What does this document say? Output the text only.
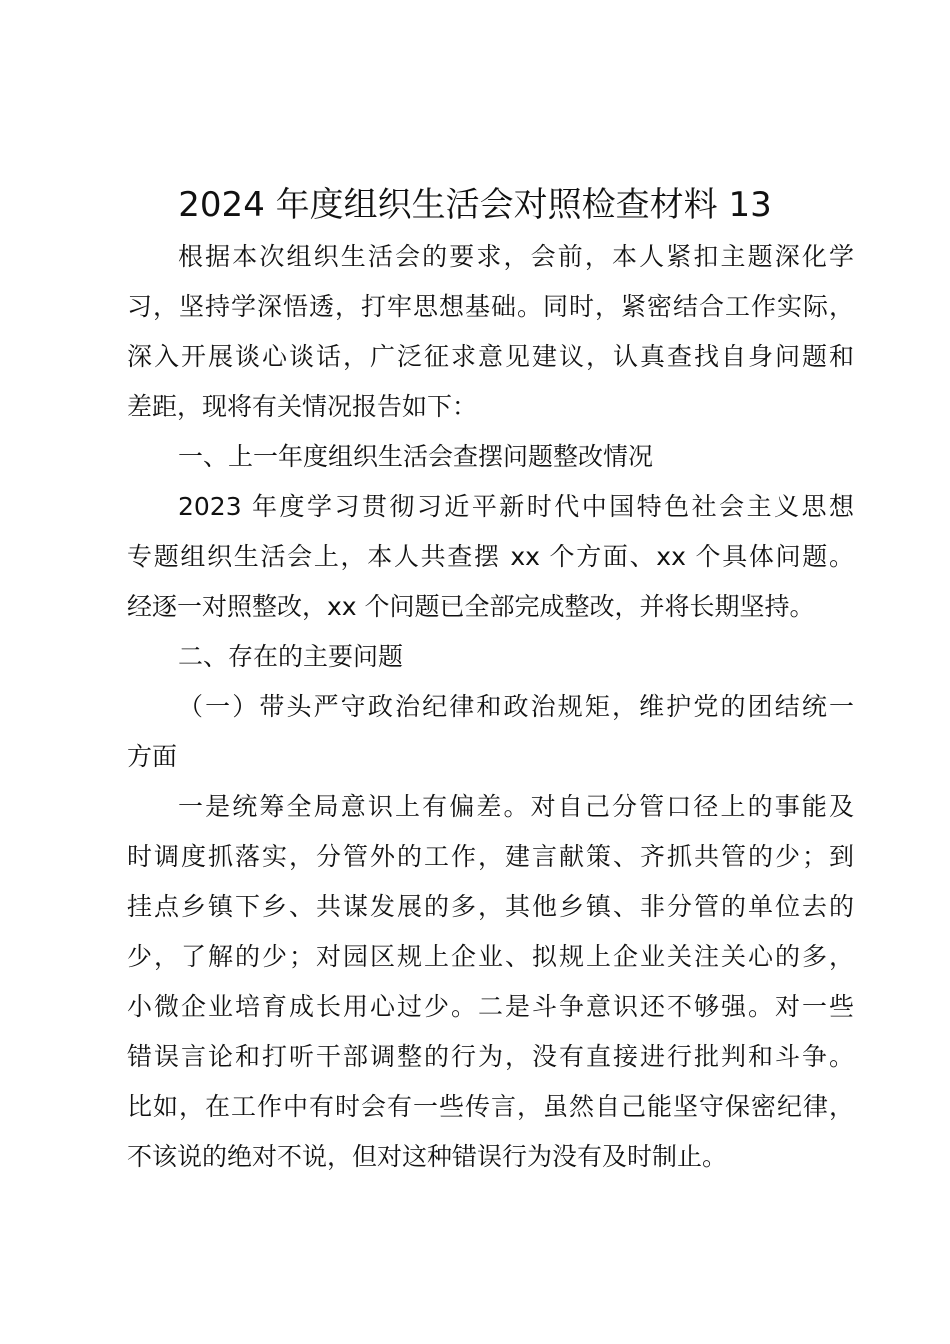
2024 年度组织生活会对照检查材料 13
根据本次组织生活会的要求，会前，本人紧扣主题深化学
习，坚持学深悟透，打牢思想基础。同时，紧密结合工作实际，
深入开展谈心谈话，广泛征求意见建议，认真查找自身问题和
差距，现将有关情况报告如下：
一、上一年度组织生活会查摆问题整改情况
2023 年度学习贯彻习近平新时代中国特色社会主义思想
专题组织生活会上，本人共查摆 xx 个方面、xx 个具体问题。
经逐一对照整改，xx 个问题已全部完成整改，并将长期坚持。
二、存在的主要问题
（一）带头严守政治纪律和政治规矩，维护党的团结统一
方面
一是统筹全局意识上有偏差。对自己分管口径上的事能及
时调度抓落实，分管外的工作，建言献策、齐抓共管的少；到
挂点乡镇下乡、共谋发展的多，其他乡镇、非分管的单位去的
少，了解的少；对园区规上企业、拟规上企业关注关心的多，
小微企业培育成长用心过少。二是斗争意识还不够强。对一些
错误言论和打听干部调整的行为，没有直接进行批判和斗争。
比如，在工作中有时会有一些传言，虽然自己能坚守保密纪律，
不该说的绝对不说，但对这种错误行为没有及时制止。
